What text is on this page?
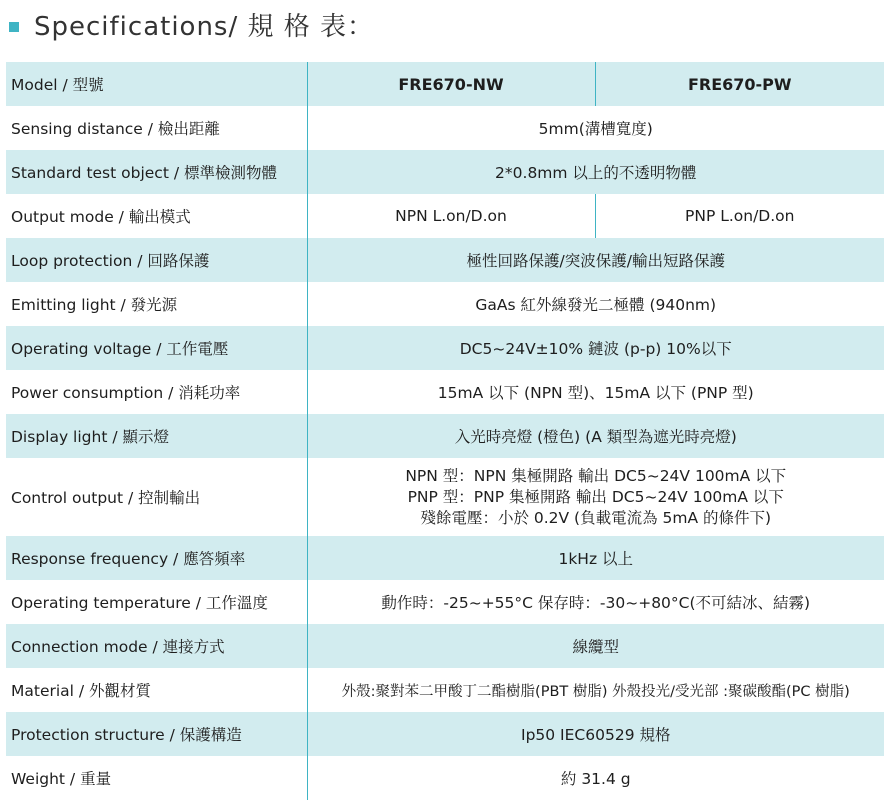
Specifications/ 規 格 表：
Model / 型號	FRE670-NW	FRE670-PW
Sensing distance / 檢出距離	5mm(溝槽寬度)	
Standard test object / 標準檢測物體	2*0.8mm 以上的不透明物體	
Output mode / 輸出模式	NPN L.on/D.on	PNP L.on/D.on
Loop protection / 回路保護	極性回路保護/突波保護/輸出短路保護	
Emitting light / 發光源	GaAs 紅外線發光二極體 (940nm)	
Operating voltage / 工作電壓	DC5~24V±10% 鏈波 (p-p) 10%以下	
Power consumption / 消耗功率	15mA 以下 (NPN 型)、15mA 以下 (PNP 型)	
Display light / 顯示燈	入光時亮燈 (橙色) (A 類型為遮光時亮燈)	
Control output / 控制輸出	NPN 型：NPN 集極開路 輸出 DC5~24V 100mA 以下
PNP 型：PNP 集極開路 輸出 DC5~24V 100mA 以下
殘餘電壓：小於 0.2V (負載電流為 5mA 的條件下)	

Response frequency / 應答頻率	1kHz 以上	
Operating temperature / 工作溫度	動作時：-25~+55°C 保存時：-30~+80°C(不可結冰、結霧)	
Connection mode / 連接方式	線纜型	
Material / 外觀材質	外殼:聚對苯二甲酸丁二酯樹脂(PBT 樹脂) 外殼投光/受光部 :聚碳酸酯(PC 樹脂)	
Protection structure / 保護構造	Ip50 IEC60529 規格	
Weight / 重量	約 31.4 g	
